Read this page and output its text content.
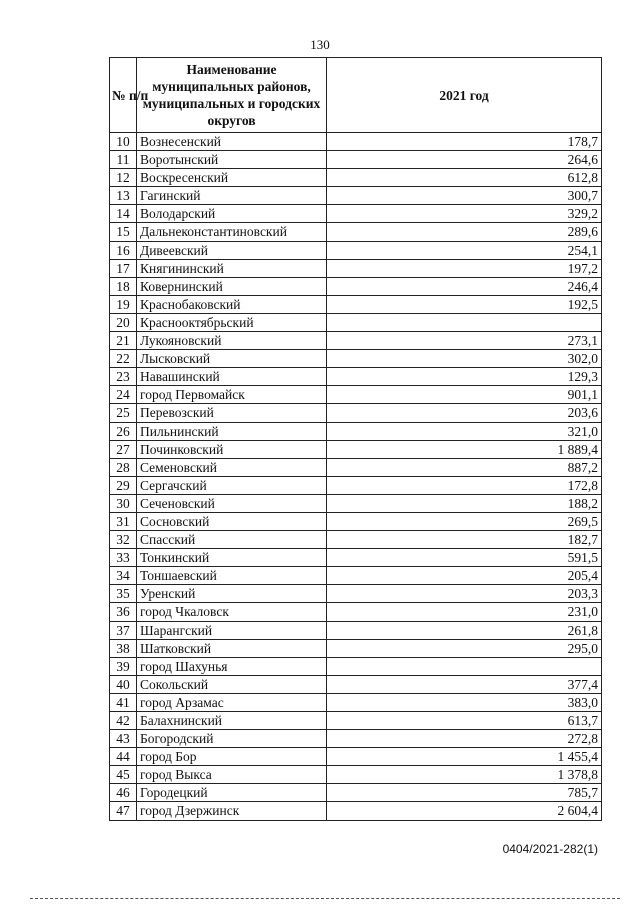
130
№ п/п	Наименование муниципальных районов, муниципальных и городских округов	2021 год
10	Вознесенский	178,7
11	Воротынский	264,6
12	Воскресенский	612,8
13	Гагинский	300,7
14	Володарский	329,2
15	Дальнеконстантиновский	289,6
16	Дивеевский	254,1
17	Княгининский	197,2
18	Ковернинский	246,4
19	Краснобаковский	192,5
20	Краснооктябрьский	
21	Лукояновский	273,1
22	Лысковский	302,0
23	Навашинский	129,3
24	город Первомайск	901,1
25	Перевозский	203,6
26	Пильнинский	321,0
27	Починковский	1 889,4
28	Семеновский	887,2
29	Сергачский	172,8
30	Сеченовский	188,2
31	Сосновский	269,5
32	Спасский	182,7
33	Тонкинский	591,5
34	Тоншаевский	205,4
35	Уренский	203,3
36	город Чкаловск	231,0
37	Шарангский	261,8
38	Шатковский	295,0
39	город Шахунья	
40	Сокольский	377,4
41	город Арзамас	383,0
42	Балахнинский	613,7
43	Богородский	272,8
44	город Бор	1 455,4
45	город Выкса	1 378,8
46	Городецкий	785,7
47	город Дзержинск	2 604,4
0404/2021-282(1)
